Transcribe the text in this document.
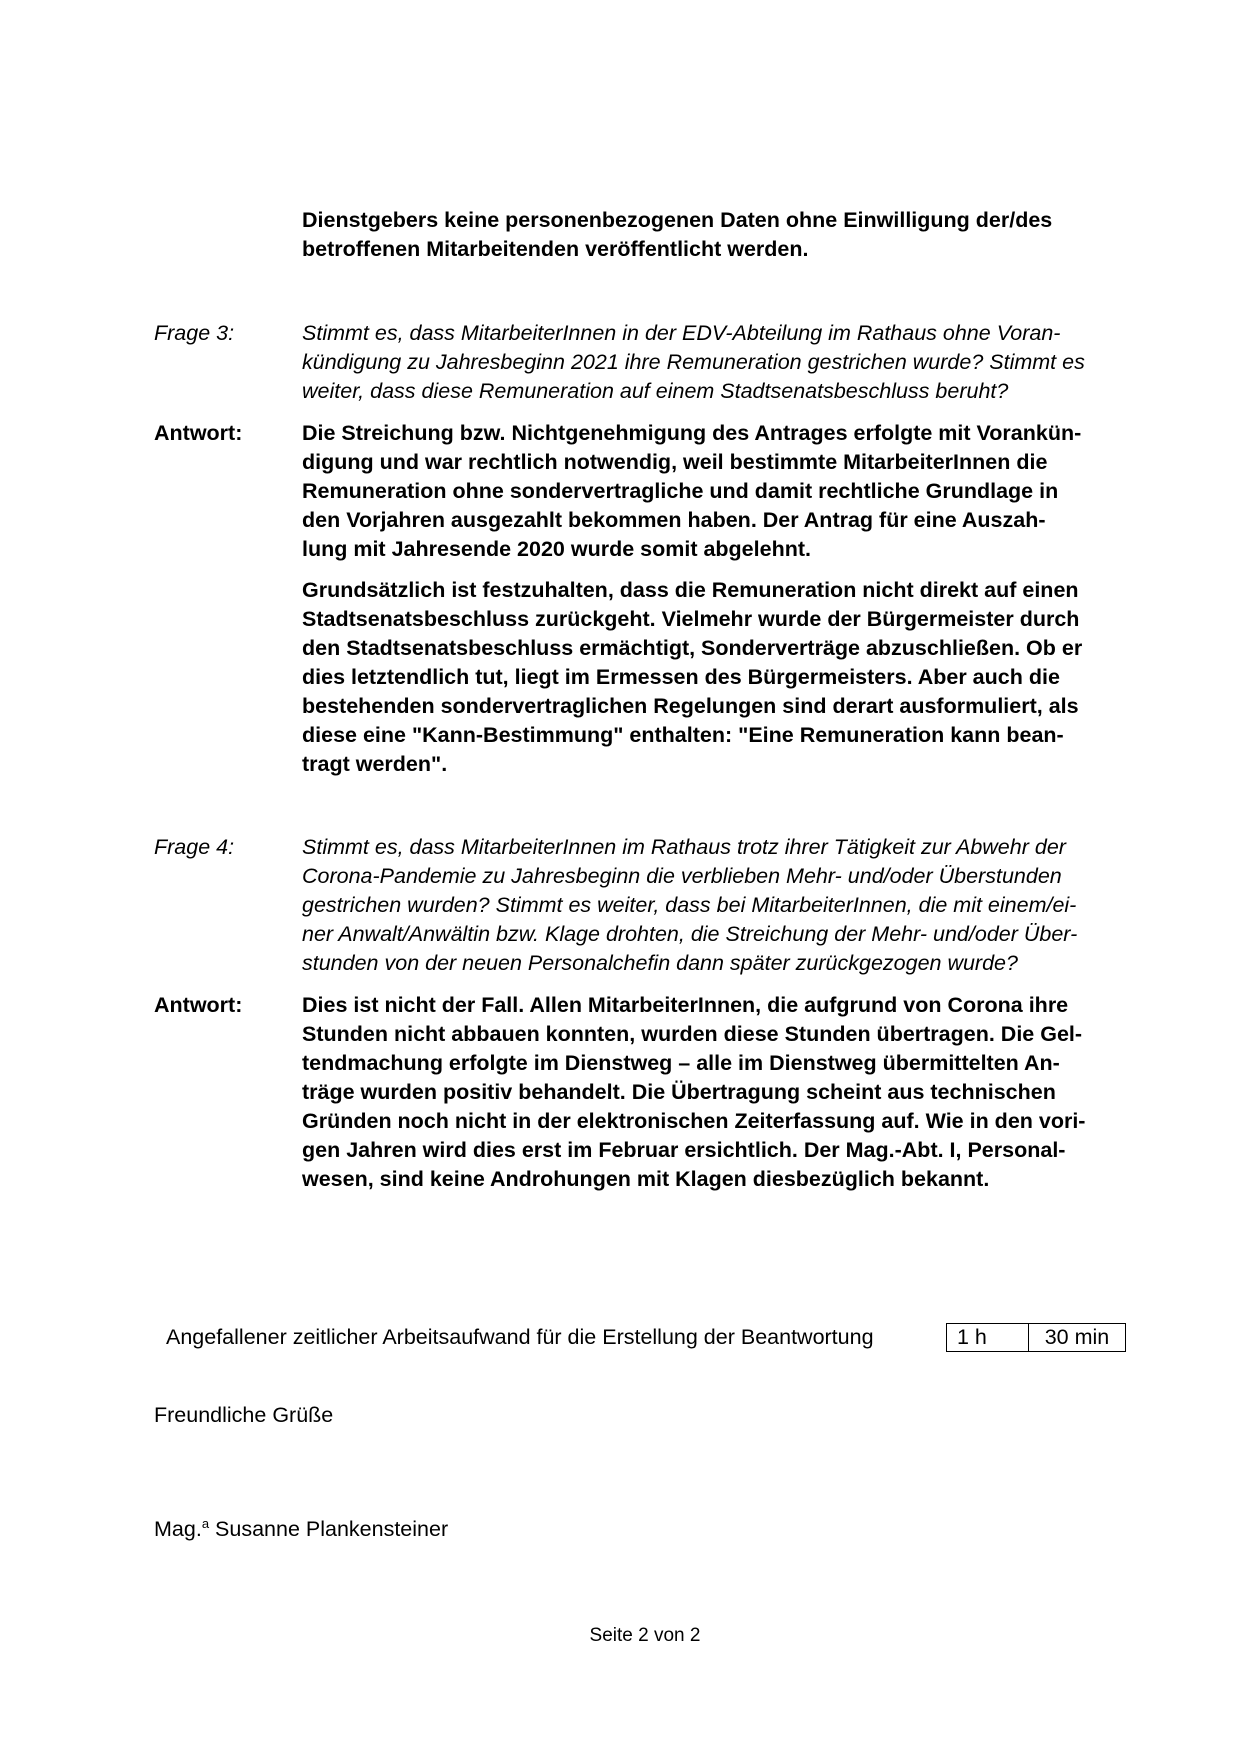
Dienstgebers keine personenbezogenen Daten ohne Einwilligung der/des
betroffenen Mitarbeitenden veröffentlicht werden.

Frage 3:	Stimmt es, dass MitarbeiterInnen in der EDV-Abteilung im Rathaus ohne Voran-
kündigung zu Jahresbeginn 2021 ihre Remuneration gestrichen wurde? Stimmt es
weiter, dass diese Remuneration auf einem Stadtsenatsbeschluss beruht?

Antwort:	Die Streichung bzw. Nichtgenehmigung des Antrages erfolgte mit Vorankün-
digung und war rechtlich notwendig, weil bestimmte MitarbeiterInnen die
Remuneration ohne sondervertragliche und damit rechtliche Grundlage in
den Vorjahren ausgezahlt bekommen haben. Der Antrag für eine Auszah-
lung mit Jahresende 2020 wurde somit abgelehnt.
Grundsätzlich ist festzuhalten, dass die Remuneration nicht direkt auf einen
Stadtsenatsbeschluss zurückgeht. Vielmehr wurde der Bürgermeister durch
den Stadtsenatsbeschluss ermächtigt, Sonderverträge abzuschließen. Ob er
dies letztendlich tut, liegt im Ermessen des Bürgermeisters. Aber auch die
bestehenden sondervertraglichen Regelungen sind derart ausformuliert, als
diese eine "Kann-Bestimmung" enthalten: "Eine Remuneration kann bean-
tragt werden".

Frage 4:	Stimmt es, dass MitarbeiterInnen im Rathaus trotz ihrer Tätigkeit zur Abwehr der
Corona-Pandemie zu Jahresbeginn die verblieben Mehr- und/oder Überstunden
gestrichen wurden? Stimmt es weiter, dass bei MitarbeiterInnen, die mit einem/ei-
ner Anwalt/Anwältin bzw. Klage drohten, die Streichung der Mehr- und/oder Über-
stunden von der neuen Personalchefin dann später zurückgezogen wurde?

Antwort:	Dies ist nicht der Fall. Allen MitarbeiterInnen, die aufgrund von Corona ihre
Stunden nicht abbauen konnten, wurden diese Stunden übertragen. Die Gel-
tendmachung erfolgte im Dienstweg – alle im Dienstweg übermittelten An-
träge wurden positiv behandelt. Die Übertragung scheint aus technischen
Gründen noch nicht in der elektronischen Zeiterfassung auf. Wie in den vori-
gen Jahren wird dies erst im Februar ersichtlich. Der Mag.-Abt. I, Personal-
wesen, sind keine Androhungen mit Klagen diesbezüglich bekannt.
Angefallener zeitlicher Arbeitsaufwand für die Erstellung der Beantwortung	1 h	30 min
Freundliche Grüße
Mag.$^a$ Susanne Plankensteiner
Seite 2 von 2
